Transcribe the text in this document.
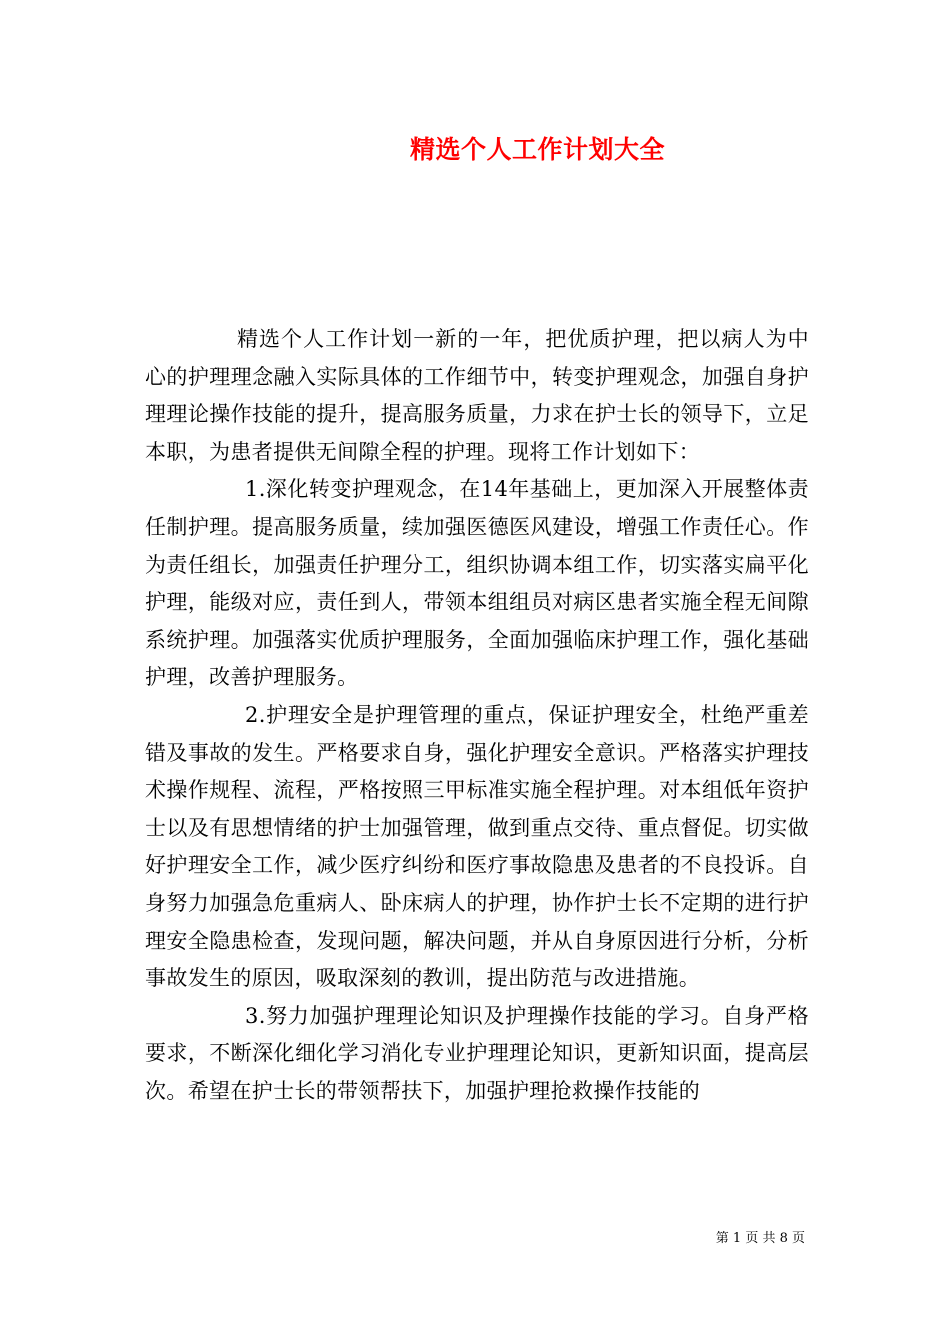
精选个人工作计划大全

精选个人工作计划一新的一年，把优质护理，把以病人为中心的护理理念融入实际具体的工作细节中，转变护理观念，加强自身护理理论操作技能的提升，提高服务质量，力求在护士长的领导下，立足本职，为患者提供无间隙全程的护理。现将工作计划如下：

1.深化转变护理观念，在14年基础上，更加深入开展整体责任制护理。提高服务质量，续加强医德医风建设，增强工作责任心。作为责任组长，加强责任护理分工，组织协调本组工作，切实落实扁平化护理，能级对应，责任到人，带领本组组员对病区患者实施全程无间隙系统护理。加强落实优质护理服务，全面加强临床护理工作，强化基础护理，改善护理服务。

2.护理安全是护理管理的重点，保证护理安全，杜绝严重差错及事故的发生。严格要求自身，强化护理安全意识。严格落实护理技术操作规程、流程，严格按照三甲标准实施全程护理。对本组低年资护士以及有思想情绪的护士加强管理，做到重点交待、重点督促。切实做好护理安全工作，减少医疗纠纷和医疗事故隐患及患者的不良投诉。自身努力加强急危重病人、卧床病人的护理，协作护士长不定期的进行护理安全隐患检查，发现问题，解决问题，并从自身原因进行分析，分析事故发生的原因，吸取深刻的教训，提出防范与改进措施。

3.努力加强护理理论知识及护理操作技能的学习。自身严格要求，不断深化细化学习消化专业护理理论知识，更新知识面，提高层次。希望在护士长的带领帮扶下，加强护理抢救操作技能的

第 1 页 共 8 页
